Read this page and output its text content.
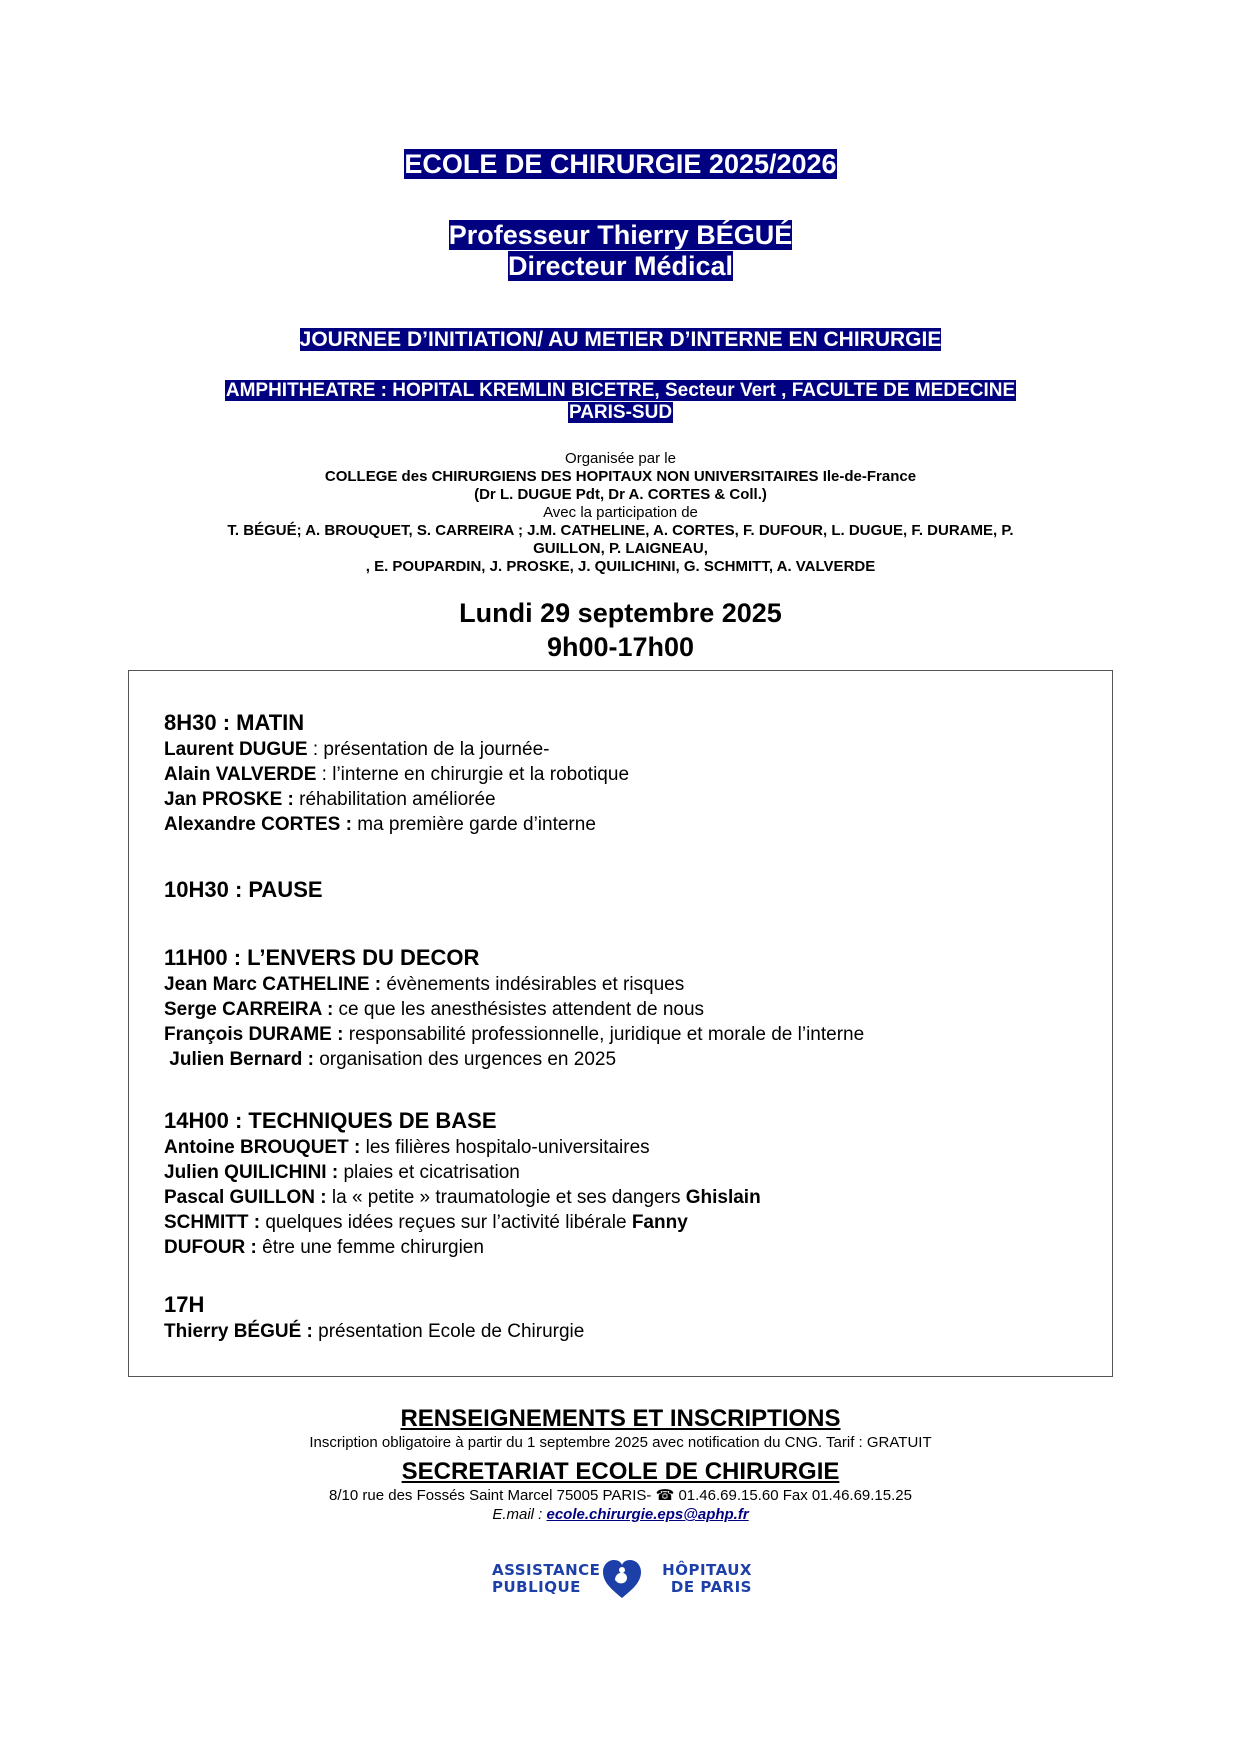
ECOLE DE CHIRURGIE 2025/2026
Professeur Thierry BÉGUÉ
Directeur Médical
JOURNEE D’INITIATION/ AU METIER D’INTERNE EN CHIRURGIE
AMPHITHEATRE : HOPITAL KREMLIN BICETRE, Secteur Vert , FACULTE DE MEDECINE
PARIS-SUD
Organisée par le
COLLEGE des CHIRURGIENS DES HOPITAUX NON UNIVERSITAIRES Ile-de-France
(Dr L. DUGUE Pdt, Dr A. CORTES & Coll.)
Avec la participation de
T. BÉGUÉ; A. BROUQUET, S. CARREIRA ; J.M. CATHELINE, A. CORTES, F. DUFOUR, L. DUGUE, F. DURAME, P.
GUILLON, P. LAIGNEAU,
, E. POUPARDIN, J. PROSKE, J. QUILICHINI, G. SCHMITT, A. VALVERDE
Lundi 29 septembre 2025
9h00-17h00
8H30 : MATIN
Laurent DUGUE : présentation de la journée-
Alain VALVERDE : l’interne en chirurgie et la robotique
Jan PROSKE : réhabilitation améliorée
Alexandre CORTES : ma première garde d’interne
10H30 : PAUSE
11H00 : L’ENVERS DU DECOR
Jean Marc CATHELINE : évènements indésirables et risques
Serge CARREIRA : ce que les anesthésistes attendent de nous
François DURAME : responsabilité professionnelle, juridique et morale de l’interne
Julien Bernard : organisation des urgences en 2025
14H00 : TECHNIQUES DE BASE
Antoine BROUQUET : les filières hospitalo-universitaires
Julien QUILICHINI : plaies et cicatrisation
Pascal GUILLON : la « petite » traumatologie et ses dangers Ghislain
SCHMITT : quelques idées reçues sur l’activité libérale Fanny
DUFOUR : être une femme chirurgien
17H
Thierry BÉGUÉ : présentation Ecole de Chirurgie
RENSEIGNEMENTS ET INSCRIPTIONS
Inscription obligatoire à partir du 1 septembre 2025 avec notification du CNG. Tarif : GRATUIT
SECRETARIAT ECOLE DE CHIRURGIE
8/10 rue des Fossés Saint Marcel 75005 PARIS- ☎ 01.46.69.15.60 Fax 01.46.69.15.25
E.mail : ecole.chirurgie.eps@aphp.fr
ASSISTANCE
PUBLIQUE
HÔPITAUX
DE PARIS
